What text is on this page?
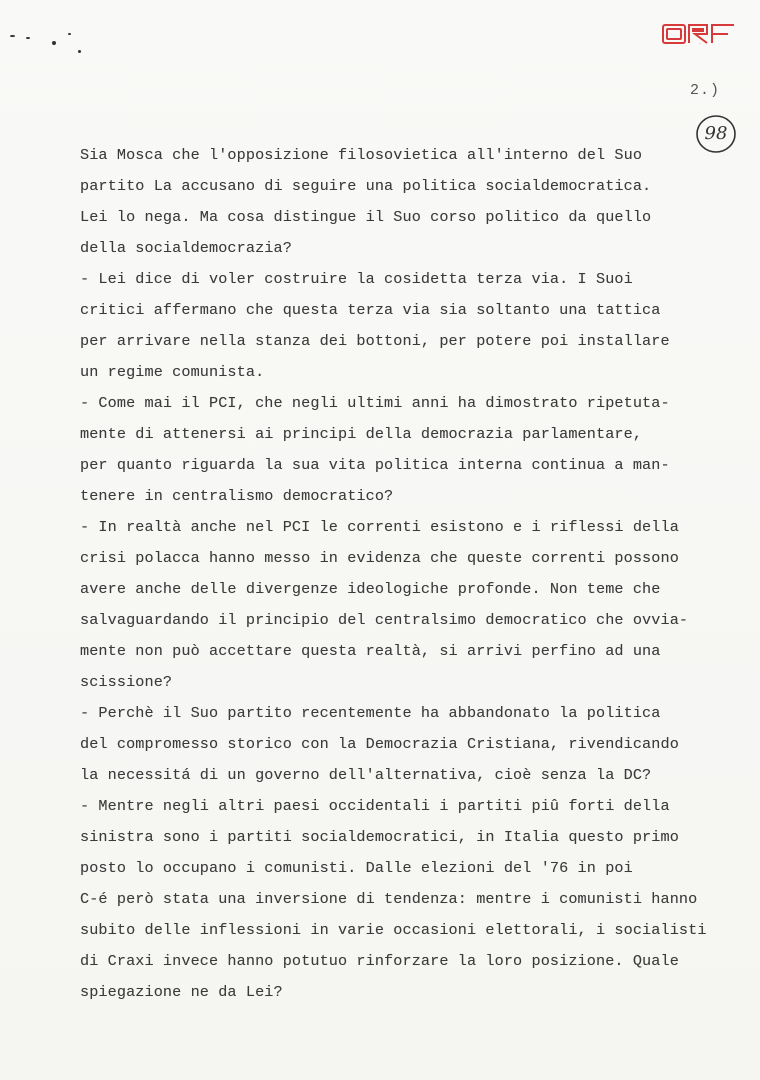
ORF
2.)
98
Sia Mosca che l'opposizione filosovietica all'interno del Suo
partito La accusano di seguire una politica socialdemocratica.
Lei lo nega. Ma cosa distingue il Suo corso politico da quello
della socialdemocrazia?
- Lei dice di voler costruire la cosidetta terza via. I Suoi
critici affermano che questa terza via sia soltanto una tattica
per arrivare nella stanza dei bottoni, per potere poi installare
un regime comunista.
- Come mai il PCI, che negli ultimi anni ha dimostrato ripetuta-
mente di attenersi ai principi della democrazia parlamentare,
per quanto riguarda la sua vita politica interna continua a man-
tenere in centralismo democratico?
- In realtà anche nel PCI le correnti esistono e i riflessi della
crisi polacca hanno messo in evidenza che queste correnti possono
avere anche delle divergenze ideologiche profonde. Non teme che
salvaguardando il principio del centralsimo democratico che ovvia-
mente non può accettare questa realtà, si arrivi perfino ad una
scissione?
- Perchè il Suo partito recentemente ha abbandonato la politica
del compromesso storico con la Democrazia Cristiana, rivendicando
la necessitá di un governo dell'alternativa, cioè senza la DC?
- Mentre negli altri paesi occidentali i partiti piû forti della
sinistra sono i partiti socialdemocratici, in Italia questo primo
posto lo occupano i comunisti. Dalle elezioni del '76 in poi
C-é però stata una inversione di tendenza: mentre i comunisti hanno
subito delle inflessioni in varie occasioni elettorali, i socialisti
di Craxi invece hanno potutuo rinforzare la loro posizione. Quale
spiegazione ne da Lei?
